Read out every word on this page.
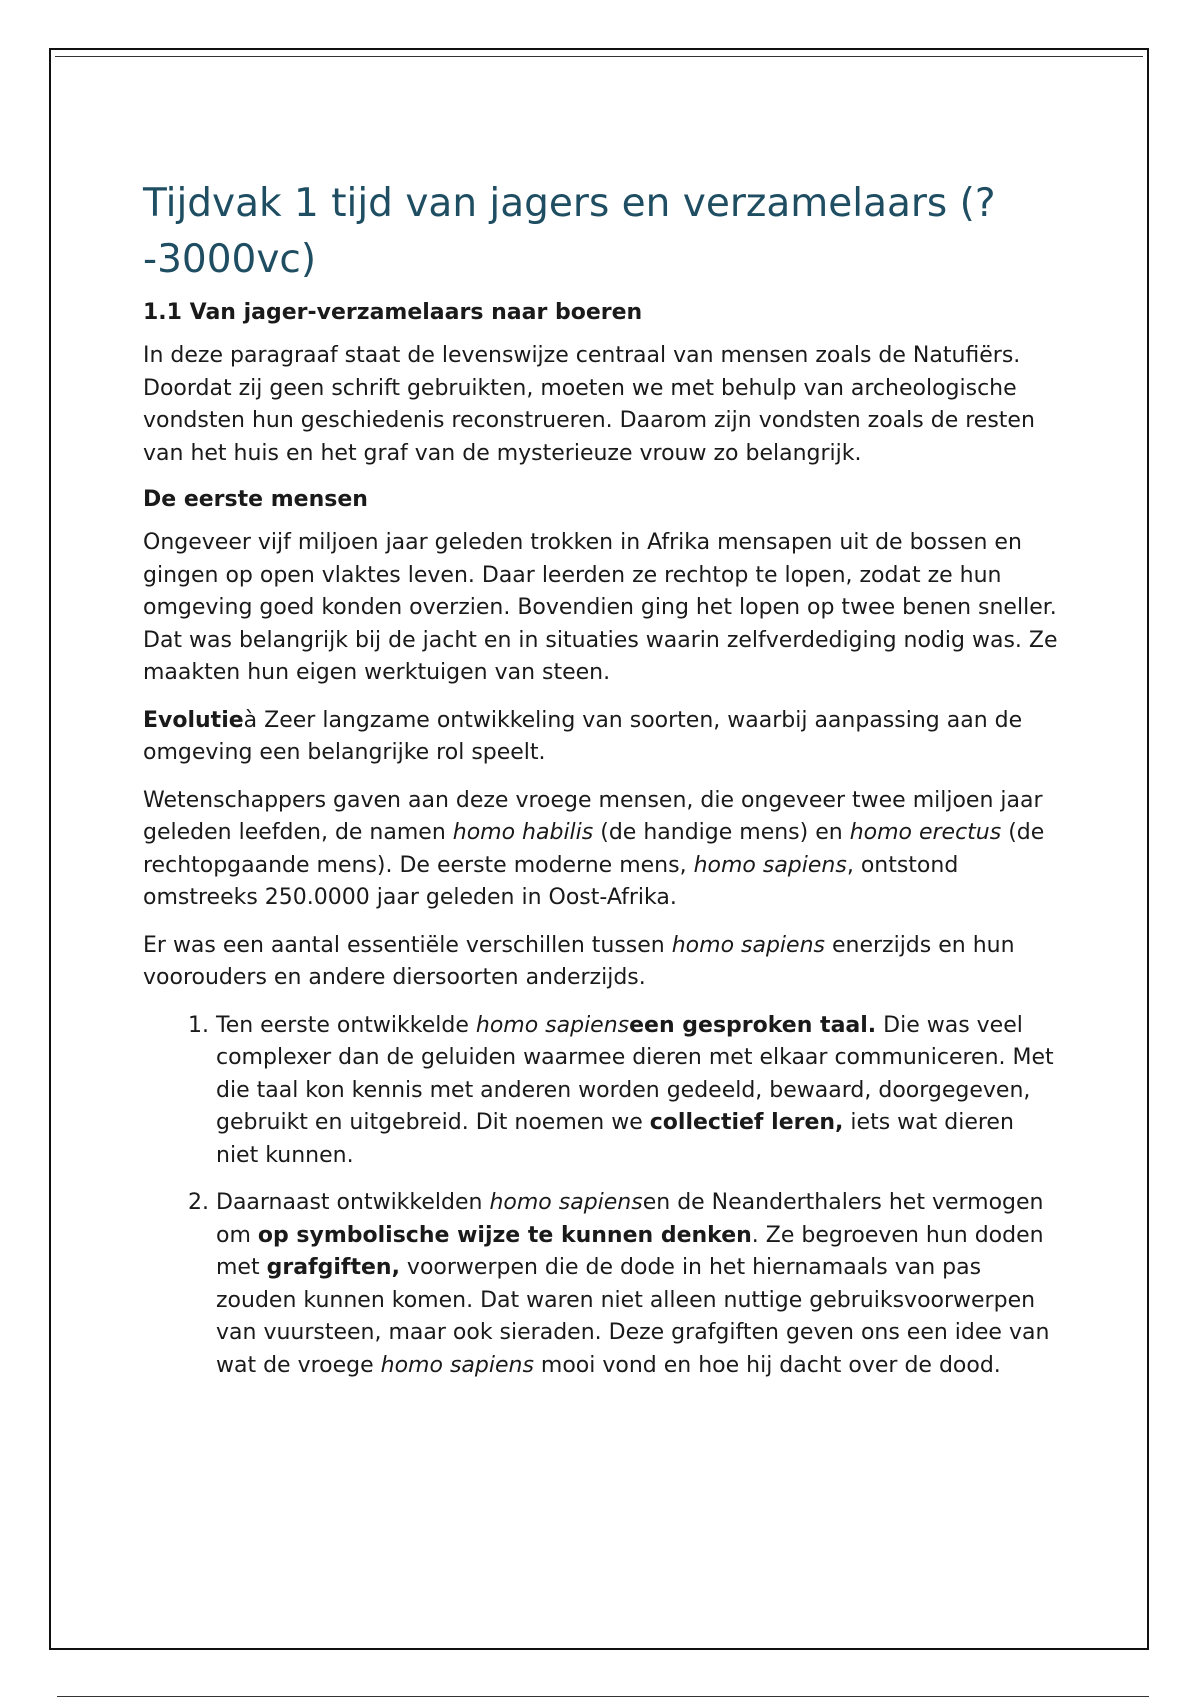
Tijdvak 1 tijd van jagers en verzamelaars (?-3000vc)
1.1 Van jager-verzamelaars naar boeren

In deze paragraaf staat de levenswijze centraal van mensen zoals de Natufiërs. Doordat zij geen schrift gebruikten, moeten we met behulp van archeologische vondsten hun geschiedenis reconstrueren. Daarom zijn vondsten zoals de resten van het huis en het graf van de mysterieuze vrouw zo belangrijk.

De eerste mensen

Ongeveer vijf miljoen jaar geleden trokken in Afrika mensapen uit de bossen en gingen op open vlaktes leven. Daar leerden ze rechtop te lopen, zodat ze hun omgeving goed konden overzien. Bovendien ging het lopen op twee benen sneller. Dat was belangrijk bij de jacht en in situaties waarin zelfverdediging nodig was. Ze maakten hun eigen werktuigen van steen.

Evolutieà Zeer langzame ontwikkeling van soorten, waarbij aanpassing aan de omgeving een belangrijke rol speelt.

Wetenschappers gaven aan deze vroege mensen, die ongeveer twee miljoen jaar geleden leefden, de namen homo habilis (de handige mens) en homo erectus (de rechtopgaande mens). De eerste moderne mens, homo sapiens, ontstond omstreeks 250.0000 jaar geleden in Oost-Afrika.

Er was een aantal essentiële verschillen tussen homo sapiens enerzijds en hun voorouders en andere diersoorten anderzijds.

1. Ten eerste ontwikkelde homo sapienseen gesproken taal. Die was veel complexer dan de geluiden waarmee dieren met elkaar communiceren. Met die taal kon kennis met anderen worden gedeeld, bewaard, doorgegeven, gebruikt en uitgebreid. Dit noemen we collectief leren, iets wat dieren niet kunnen.
2. Daarnaast ontwikkelden homo sapiensen de Neanderthalers het vermogen om op symbolische wijze te kunnen denken. Ze begroeven hun doden met grafgiften, voorwerpen die de dode in het hiernamaals van pas zouden kunnen komen. Dat waren niet alleen nuttige gebruiksvoorwerpen van vuursteen, maar ook sieraden. Deze grafgiften geven ons een idee van wat de vroege homo sapiens mooi vond en hoe hij dacht over de dood.
